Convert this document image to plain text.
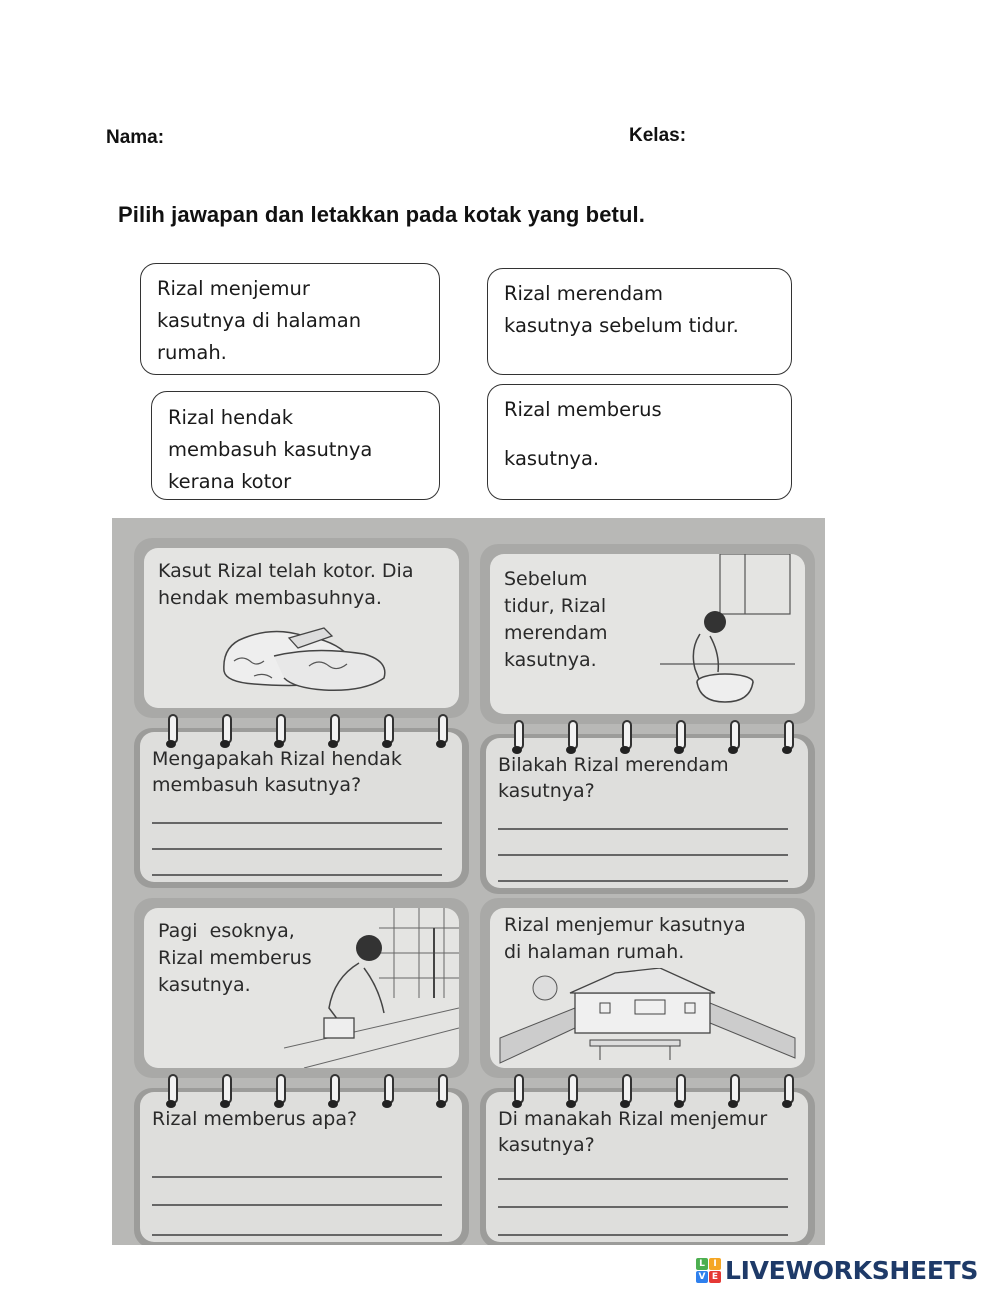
Nama:	Kelas:
Pilih jawapan dan letakkan pada kotak yang betul.
Rizal menjemur
kasutnya di halaman
rumah.
Rizal merendam
kasutnya sebelum tidur.
Rizal hendak
membasuh kasutnya
kerana kotor
Rizal memberus
kasutnya.
Kasut Rizal telah kotor. Dia
hendak membasuhnya.
Mengapakah Rizal hendak
membasuh kasutnya?
Sebelum
tidur, Rizal
merendam
kasutnya.
Bilakah Rizal merendam
kasutnya?
Pagi esoknya,
Rizal memberus
kasutnya.
Rizal memberus apa?
Rizal menjemur kasutnya
di halaman rumah.
Di manakah Rizal menjemur
kasutnya?
L I
V E LIVEWORKSHEETS
